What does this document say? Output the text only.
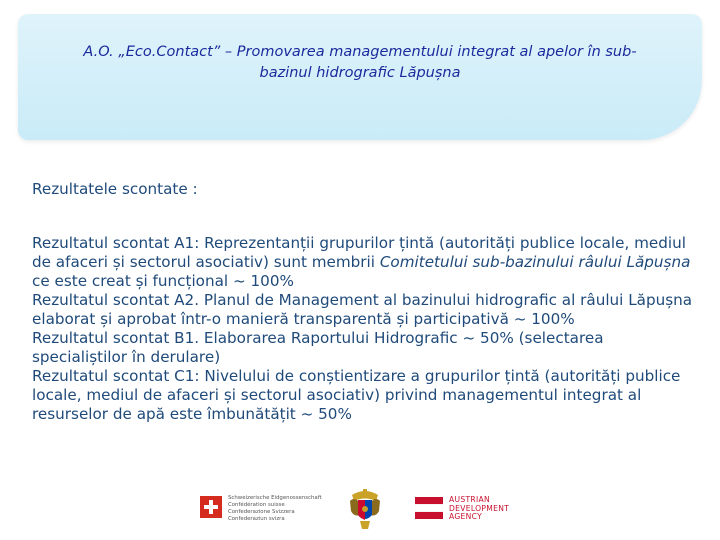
A.O. „Eco.Contact” – Promovarea managementului integrat al apelor în sub-
bazinul hidrografic Lăpușna
Rezultatele scontate :
Rezultatul scontat A1: Reprezentanții grupurilor țintă (autorități publice locale, mediul de afaceri și sectorul asociativ) sunt membrii Comitetului sub-bazinului râului Lăpușna ce este creat și funcțional ~ 100%
Rezultatul scontat A2. Planul de Management al bazinului hidrografic al râului Lăpușna elaborat și aprobat într-o manieră transparentă și participativă ~ 100%
Rezultatul scontat B1. Elaborarea Raportului Hidrografic ~ 50% (selectarea specialiștilor în derulare)
Rezultatul scontat C1: Nivelului de conștientizare a grupurilor țintă (autorități publice locale, mediul de afaceri și sectorul asociativ) privind managementul integrat al resurselor de apă este îmbunătățit ~ 50%
Schweizerische Eidgenossenschaft
Confédération suisse
Confederazione Svizzera
Confederaziun svizra
AUSTRIAN
DEVELOPMENT
AGENCY
